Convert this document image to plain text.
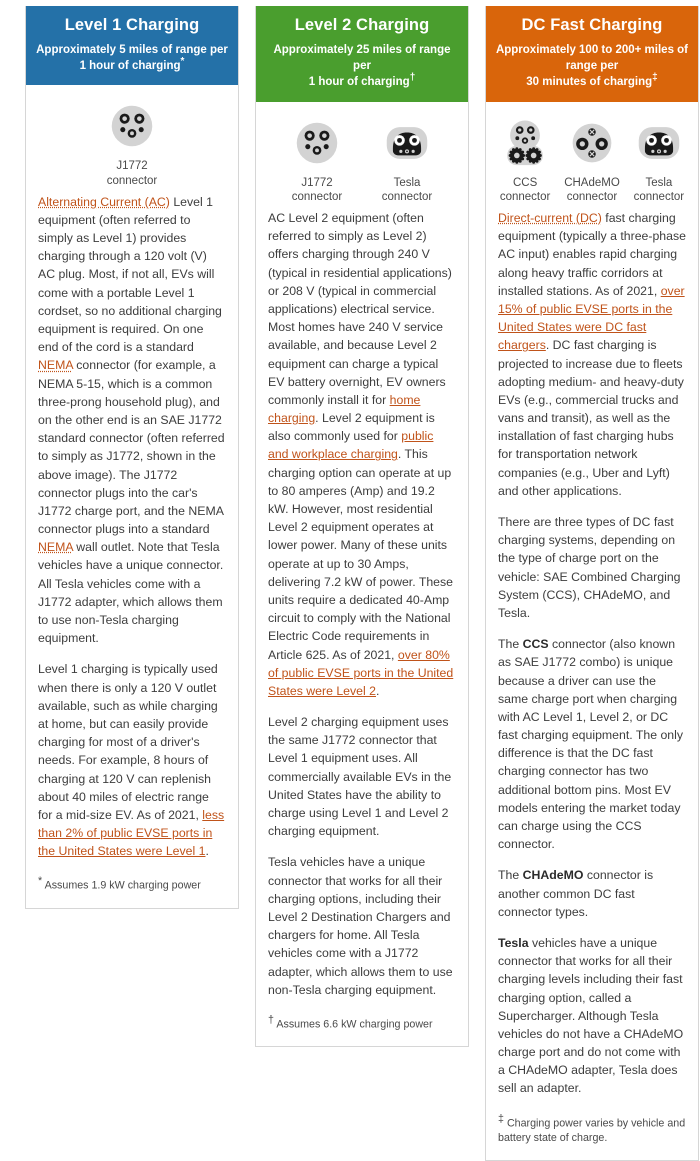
Level 1 Charging
Approximately 5 miles of range per
1 hour of charging*
J1772 connector

Alternating Current (AC) Level 1 equipment (often referred to simply as Level 1) provides charging through a 120 volt (V) AC plug. Most, if not all, EVs will come with a portable Level 1 cordset, so no additional charging equipment is required. On one end of the cord is a standard NEMA connector (for example, a NEMA 5-15, which is a common three-prong household plug), and on the other end is an SAE J1772 standard connector (often referred to simply as J1772, shown in the above image). The J1772 connector plugs into the car's J1772 charge port, and the NEMA connector plugs into a standard NEMA wall outlet. Note that Tesla vehicles have a unique connector. All Tesla vehicles come with a J1772 adapter, which allows them to use non-Tesla charging equipment.

Level 1 charging is typically used when there is only a 120 V outlet available, such as while charging at home, but can easily provide charging for most of a driver's needs. For example, 8 hours of charging at 120 V can replenish about 40 miles of electric range for a mid-size EV. As of 2021, less than 2% of public EVSE ports in the United States were Level 1.

* Assumes 1.9 kW charging power

Level 2 Charging
Approximately 25 miles of range per
1 hour of charging†
J1772 connector
Tesla connector

AC Level 2 equipment (often referred to simply as Level 2) offers charging through 240 V (typical in residential applications) or 208 V (typical in commercial applications) electrical service. Most homes have 240 V service available, and because Level 2 equipment can charge a typical EV battery overnight, EV owners commonly install it for home charging. Level 2 equipment is also commonly used for public and workplace charging. This charging option can operate at up to 80 amperes (Amp) and 19.2 kW. However, most residential Level 2 equipment operates at lower power. Many of these units operate at up to 30 Amps, delivering 7.2 kW of power. These units require a dedicated 40-Amp circuit to comply with the National Electric Code requirements in Article 625. As of 2021, over 80% of public EVSE ports in the United States were Level 2.

Level 2 charging equipment uses the same J1772 connector that Level 1 equipment uses. All commercially available EVs in the United States have the ability to charge using Level 1 and Level 2 charging equipment.

Tesla vehicles have a unique connector that works for all their charging options, including their Level 2 Destination Chargers and chargers for home. All Tesla vehicles come with a J1772 adapter, which allows them to use non-Tesla charging equipment.

† Assumes 6.6 kW charging power

DC Fast Charging
Approximately 100 to 200+ miles of range per
30 minutes of charging‡
CCS connector
CHAdeMO connector
Tesla connector

Direct-current (DC) fast charging equipment (typically a three-phase AC input) enables rapid charging along heavy traffic corridors at installed stations. As of 2021, over 15% of public EVSE ports in the United States were DC fast chargers. DC fast charging is projected to increase due to fleets adopting medium- and heavy-duty EVs (e.g., commercial trucks and vans and transit), as well as the installation of fast charging hubs for transportation network companies (e.g., Uber and Lyft) and other applications.

There are three types of DC fast charging systems, depending on the type of charge port on the vehicle: SAE Combined Charging System (CCS), CHAdeMO, and Tesla.

The CCS connector (also known as SAE J1772 combo) is unique because a driver can use the same charge port when charging with AC Level 1, Level 2, or DC fast charging equipment. The only difference is that the DC fast charging connector has two additional bottom pins. Most EV models entering the market today can charge using the CCS connector.

The CHAdeMO connector is another common DC fast connector types.

Tesla vehicles have a unique connector that works for all their charging levels including their fast charging option, called a Supercharger. Although Tesla vehicles do not have a CHAdeMO charge port and do not come with a CHAdeMO adapter, Tesla does sell an adapter.

‡ Charging power varies by vehicle and battery state of charge.
